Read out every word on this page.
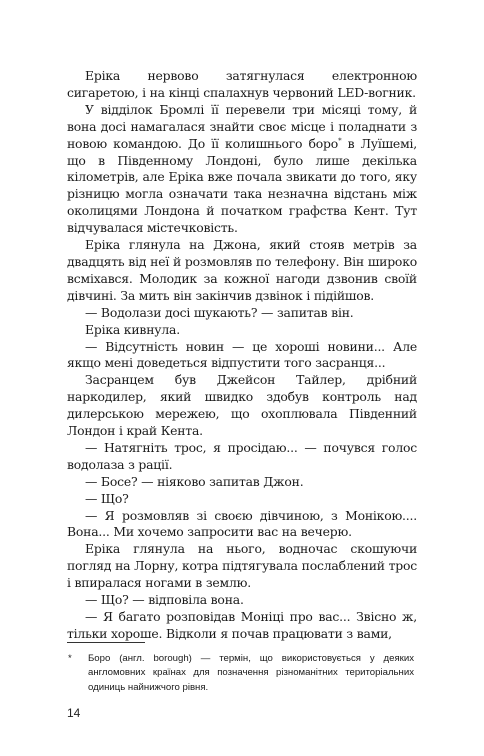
Еріка нервово затягнулася електронною сигаретою, і на кінці спалахнув червоний LED-вогник.

У відділок Бромлі її перевели три місяці тому, й вона досі намагалася знайти своє місце і поладнати з новою командою. До її колишнього боро* в Луїшемі, що в Південному Лондоні, було лише декілька кілометрів, але Еріка вже почала звикати до того, яку різницю могла означати така незначна відстань між околицями Лондона й початком графства Кент. Тут відчувалася містечковість.

Еріка глянула на Джона, який стояв метрів за двадцять від неї й розмовляв по телефону. Він широко всміхався. Молодик за кожної нагоди дзвонив своїй дівчині. За мить він закінчив дзвінок і підійшов.

— Водолази досі шукають? — запитав він.

Еріка кивнула.

— Відсутність новин — це хороші новини... Але якщо мені доведеться відпустити того засранця...

Засранцем був Джейсон Тайлер, дрібний наркодилер, який швидко здобув контроль над дилерською мережею, що охоплювала Південний Лондон і край Кента.

— Натягніть трос, я просідаю... — почувся голос водолаза з рації.

— Босе? — ніяково запитав Джон.

— Що?

— Я розмовляв зі своєю дівчиною, з Монікою.... Вона... Ми хочемо запросити вас на вечерю.

Еріка глянула на нього, водночас скошуючи погляд на Лорну, котра підтягувала послаблений трос і впиралася ногами в землю.

— Що? — відповіла вона.

— Я багато розповідав Моніці про вас... Звісно ж, тільки хороше. Відколи я почав працювати з вами,

* Боро (англ. borough) — термін, що використовується у деяких англомовних країнах для позначення різноманітних територіальних одиниць найнижчого рівня.

14
